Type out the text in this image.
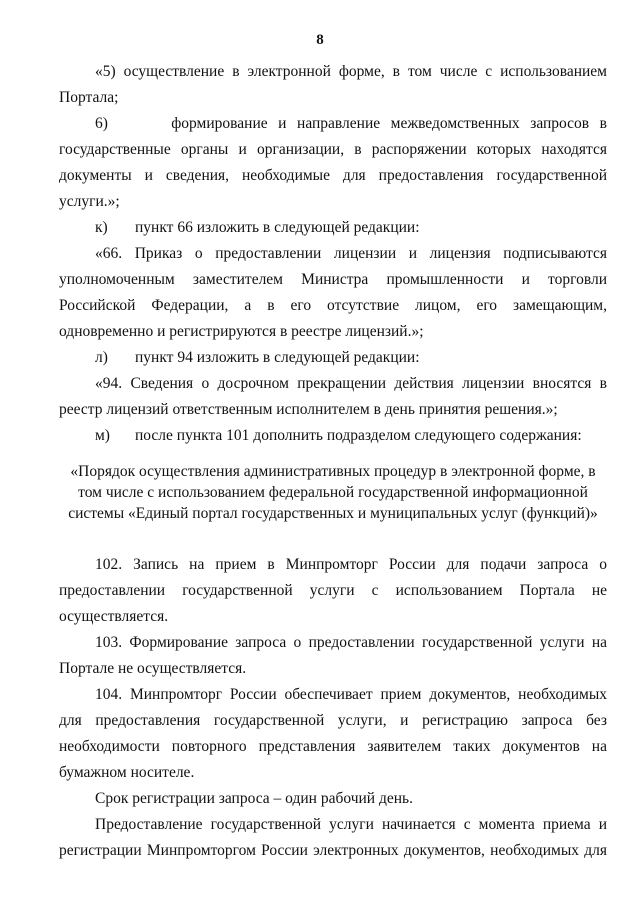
8

«5) осуществление в электронной форме, в том числе с использованием Портала;

6)      формирование и направление межведомственных запросов в государственные органы и организации, в распоряжении которых находятся документы и сведения, необходимые для предоставления государственной услуги.»;

к)	пункт 66 изложить в следующей редакции:

«66. Приказ о предоставлении лицензии и лицензия подписываются уполномоченным заместителем Министра промышленности и торговли Российской Федерации, а в его отсутствие лицом, его замещающим, одновременно и регистрируются в реестре лицензий.»;

л)	пункт 94 изложить в следующей редакции:

«94. Сведения о досрочном прекращении действия лицензии вносятся в реестр лицензий ответственным исполнителем в день принятия решения.»;

м)	после пункта 101 дополнить подразделом следующего содержания:
«Порядок осуществления административных процедур в электронной форме, в том числе с использованием федеральной государственной информационной системы «Единый портал государственных и муниципальных услуг (функций)»

102. Запись на прием в Минпромторг России для подачи запроса о предоставлении государственной услуги с использованием Портала не осуществляется.

103. Формирование запроса о предоставлении государственной услуги на Портале не осуществляется.

104. Минпромторг России обеспечивает прием документов, необходимых для предоставления государственной услуги, и регистрацию запроса без необходимости повторного представления заявителем таких документов на бумажном носителе.

Срок регистрации запроса – один рабочий день.

Предоставление государственной услуги начинается с момента приема и регистрации Минпромторгом России электронных документов, необходимых для
